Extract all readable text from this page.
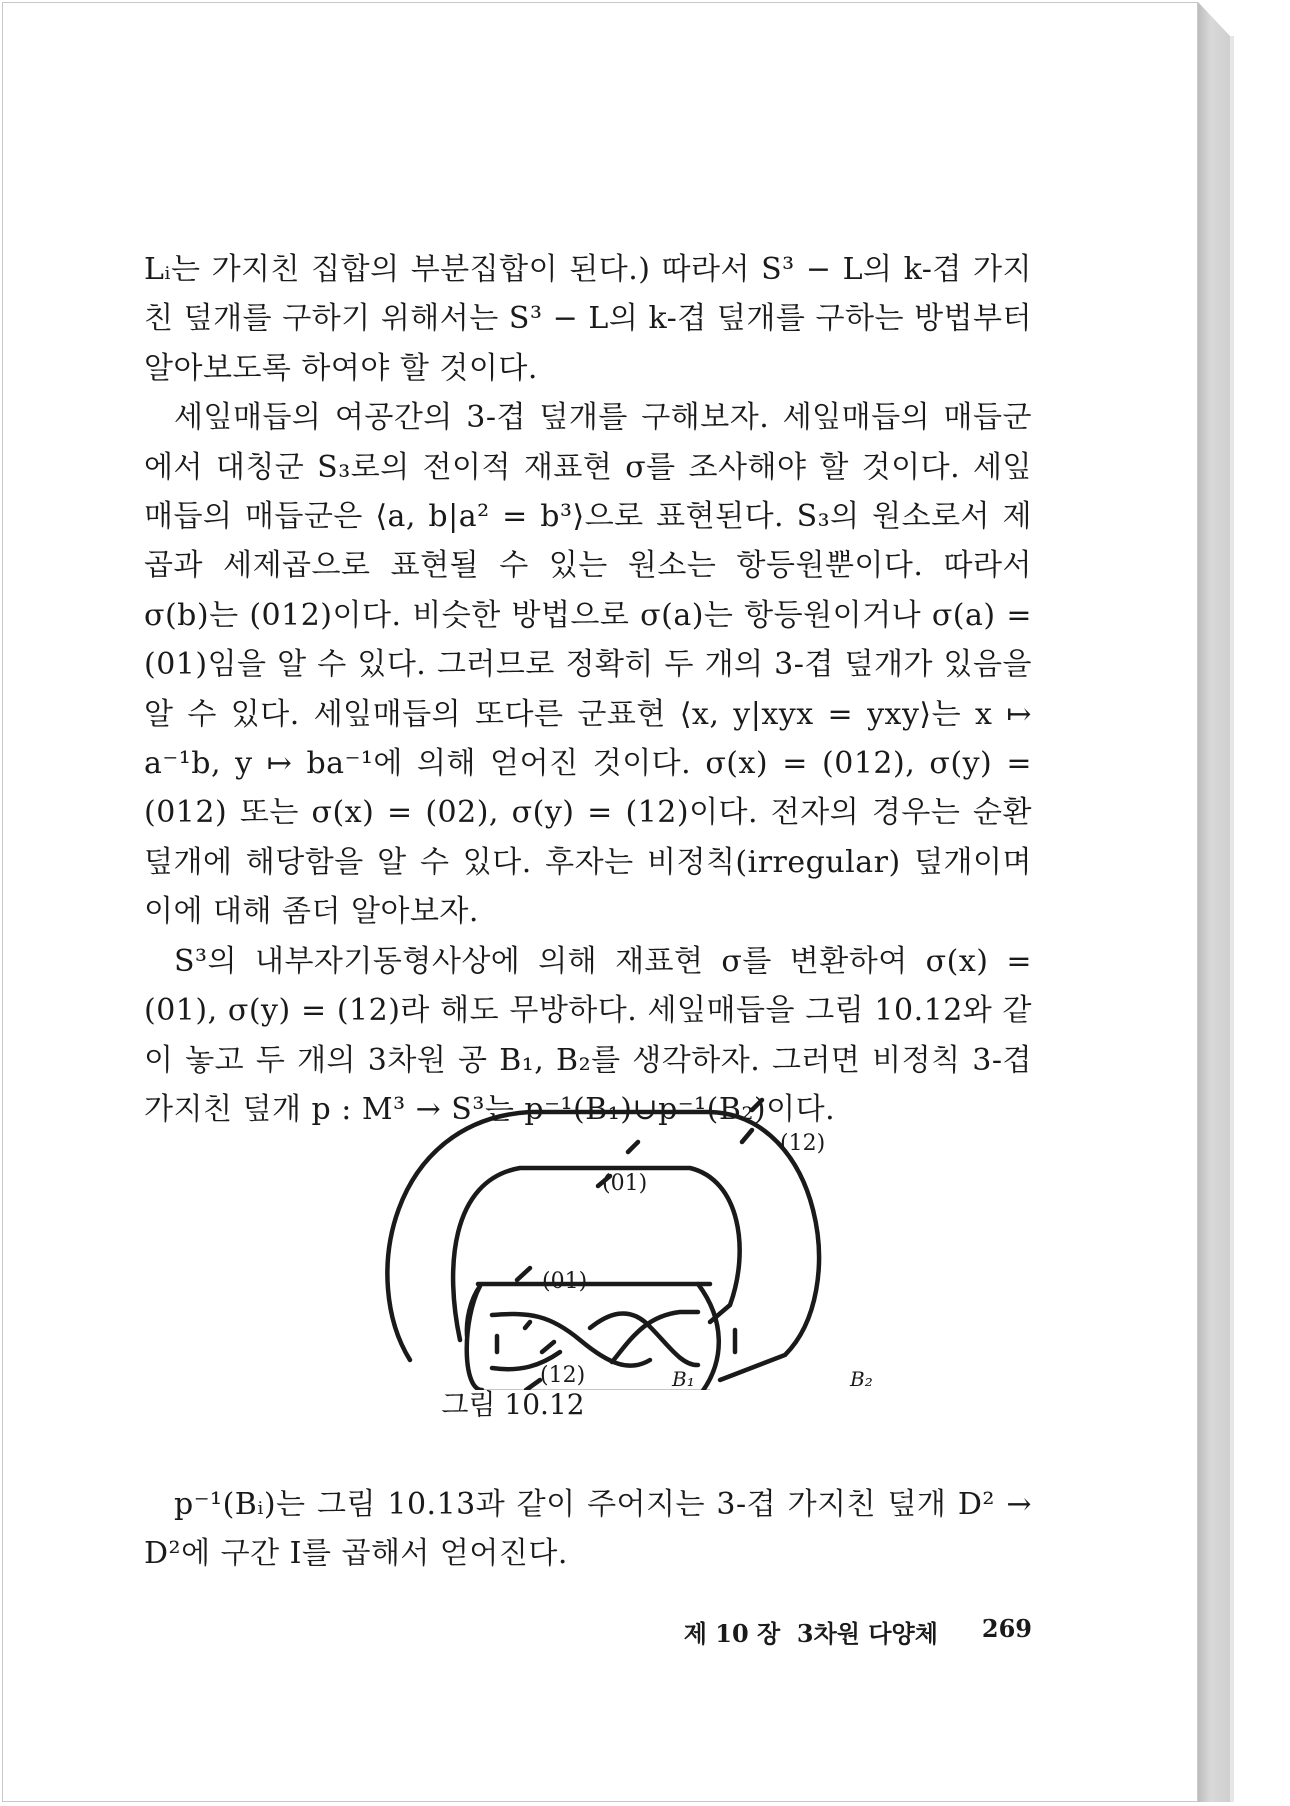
Lᵢ는 가지친 집합의 부분집합이 된다.) 따라서 S³ − L의 k-겹 가지친 덮개를 구하기 위해서는 S³ − L의 k-겹 덮개를 구하는 방법부터 알아보도록 하여야 할 것이다.

세잎매듭의 여공간의 3-겹 덮개를 구해보자. 세잎매듭의 매듭군에서 대칭군 S₃로의 전이적 재표현 σ를 조사해야 할 것이다. 세잎매듭의 매듭군은 ⟨a, b|a² = b³⟩으로 표현된다. S₃의 원소로서 제곱과 세제곱으로 표현될 수 있는 원소는 항등원뿐이다. 따라서 σ(b)는 (012)이다. 비슷한 방법으로 σ(a)는 항등원이거나 σ(a) = (01)임을 알 수 있다. 그러므로 정확히 두 개의 3-겹 덮개가 있음을 알 수 있다. 세잎매듭의 또다른 군표현 ⟨x, y|xyx = yxy⟩는 x ↦ a⁻¹b, y ↦ ba⁻¹에 의해 얻어진 것이다. σ(x) = (012), σ(y) = (012) 또는 σ(x) = (02), σ(y) = (12)이다. 전자의 경우는 순환덮개에 해당함을 알 수 있다. 후자는 비정칙(irregular) 덮개이며 이에 대해 좀더 알아보자.

S³의 내부자기동형사상에 의해 재표현 σ를 변환하여 σ(x) = (01), σ(y) = (12)라 해도 무방하다. 세잎매듭을 그림 10.12와 같이 놓고 두 개의 3차원 공 B₁, B₂를 생각하자. 그러면 비정칙 3-겹 가지친 덮개 p : M³ → S³는 p⁻¹(B₁)∪p⁻¹(B₂)이다.

(12)
(01)
(01)
(12)	B₁	B₂
그림 10.12

p⁻¹(Bᵢ)는 그림 10.13과 같이 주어지는 3-겹 가지친 덮개 D² → D²에 구간 I를 곱해서 얻어진다.

제 10 장  3차원 다양체 269
